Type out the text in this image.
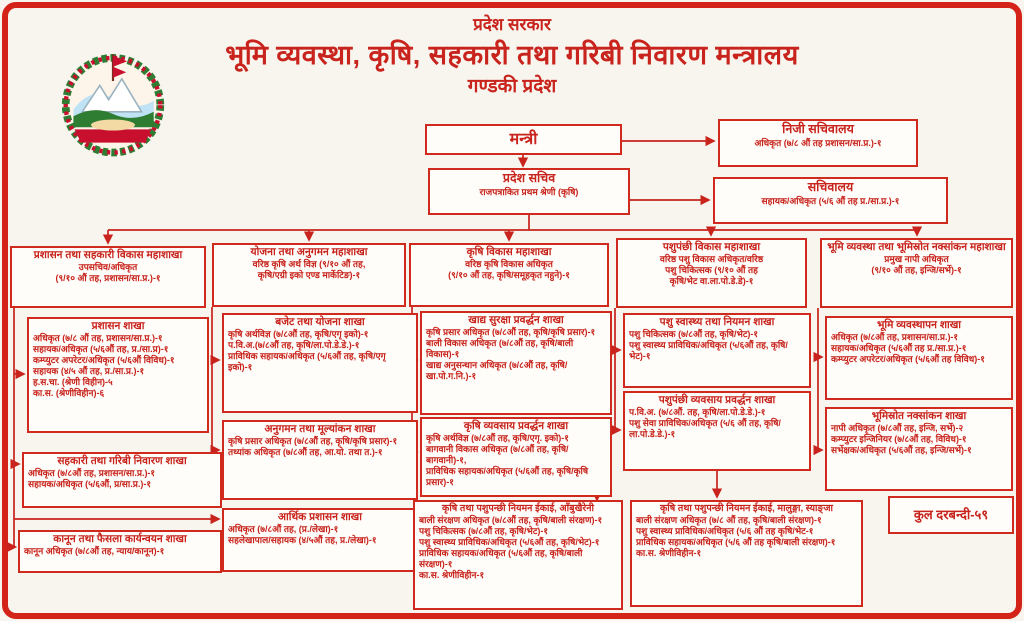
प्रदेश सरकार
भूमि व्यवस्था, कृषि, सहकारी तथा गरिबी निवारण मन्त्रालय
गण्डकी प्रदेश
मन्त्री
निजी सचिवालय
अधिकृत (७/८ औं तह प्रशासन/सा.प्र.)-१
प्रदेश सचिव
राजपत्राकित प्रथम श्रेणी (कृषि)	सचिवालय
सहायक/अधिकृत (५/६ औं तह प्र./सा.प्र.)-१
प्रशासन तथा सहकारी विकास महाशाखा
उपसचिव/अधिकृत
(९/१० औं तह, प्रशासन/सा.प्र.)-१
योजना तथा अनुगमन महाशाखा
वरिष्ठ कृषि अर्थ विज्ञ (९/१० औं तह,
कृषि/एग्री इको एण्ड मार्केटिङ)-१
कृषि विकास महाशाखा
वरिष्ठ कृषि विकास अधिकृत
(९/१० औं तह, कृषि/समूहकृत नहुने)-१
पशुपंछी विकास महाशाखा
वरिष्ठ पशु विकास अधिकृत/वरिष्ठ
पशु चिकित्सक (९/१० औं तह
कृषि/भेट वा.ला.पो.डे.डे)-१
भूमि व्यवस्था तथा भूमिस्रोत नक्सांकन महाशाखा
प्रमुख नापी अधिकृत
(९/१० औं तह, इन्जि/सर्भे)-१
प्रशासन शाखा
अधिकृत (७/८ औं तह, प्रशासन/सा.प्र.)-१
सहायक/अधिकृत (५/६औं तह, प्र./सा.प्र)-१
कम्प्युटर अपरेटर/अधिकृत (५/६औं विविध)-१
सहायक (४/५ औं तह, प्र./सा.प्र.)-१
ह.स.चा. (श्रेणी विहीन)-५
का.स. (श्रेणीविहीन)-६
सहकारी तथा गरिबी निवारण शाखा
अधिकृत (७/८औं तह, प्रशासन/सा.प्र.)-१
सहायक/अधिकृत (५/६औं, प्र/सा.प्र.)-१
कानून तथा फैसला कार्यन्वयन शाखा
कानून अधिकृत (७/८औं तह, न्याय/कानून)-१
बजेट तथा योजना शाखा
कृषि अर्थविज्ञ (७/८औं तह, कृषि/एगृ इको)-१
प.वि.अ.(७/८औं तह, कृषि/ला.पो.डे.डे.)-१
प्राविधिक सहायक/अधिकृत (५/६औं तह, कृषि/एगृ इको)-१
अनुगमन तथा मूल्यांकन शाखा
कृषि प्रसार अधिकृत (७/८औं तह, कृषि/कृषि प्रसार)-१
तथ्यांक अधिकृत (७/८औं तह, आ.यो. तथा त.)-१
आर्थिक प्रशासन शाखा
अधिकृत (७/८औं तह, (प्र./लेखा)-१
सहलेखापाल/सहायक (४/५औं तह, प्र./लेखा)-१
खाद्य सुरक्षा प्रवर्द्धन शाखा
कृषि प्रसार अधिकृत (७/८औं तह, कृषि/कृषि प्रसार)-१
बाली विकास अधिकृत (७/८औं तह, कृषि/बाली विकास)-१
खाद्य अनुसन्धान अधिकृत (७/८औं तह, कृषि/खा.पो.ग.नि.)-१
कृषि व्यवसाय प्रवर्द्धन शाखा
कृषि अर्थविज्ञ (७/८औं तह, कृषि/एगृ. इको)-१
बागवानी विकास अधिकृत (७/८औं तह, कृषि/बागवानी)-१,
प्राविधिक सहायक/अधिकृत (५/६औं तह, कृषि/कृषि प्रसार)-१
कृषि तथा पशुपन्छी नियमन ईकाई, आँबुखैरेनी
बाली संरक्षण अधिकृत (७/८औं तह, कृषि/बाली संरक्षण)-१
पशु चिकित्सक (७/८औं तह, कृषि/भेट)-१
पशु स्वास्थ्य प्राविधिक/अधिकृत (५/६औं तह, कृषि/भेट)-१
प्राविधिक सहायक/अधिकृत (५/६औं तह, कृषि/बाली संरक्षण)-१
का.स. श्रेणीविहीन-१
पशु स्वास्थ्य तथा नियमन शाखा
पशु चिकित्सक (७/८औं तह, कृषि/भेट)-१
पशु स्वास्थ्य प्राविधिक/अधिकृत (५/६औं तह, कृषि/भेट)-१
पशुपंछी व्यवसाय प्रवर्द्धन शाखा
प.वि.अ. (७/८औं. तह, कृषि/ला.पो.डे.डे.)-१
पशु सेवा प्राविधिक/अधिकृत (५/६ औं तह, कृषि/ला.पो.डे.डे.)-१
कृषि तथा पशुपन्छी नियमन ईकाई, मालुङ्गा, स्याङ्जा
बाली संरक्षण अधिकृत (७/८ औं तह, कृषि/बाली संरक्षण)-१
पशु स्वास्थ्य प्राविधिक/अधिकृत (५/६ औं तह कृषि/भेट-१
प्राविधिक सहायक/अधिकृत (५/६ औं तह कृषि/बाली संरक्षण)-१
का.स. श्रेणीविहीन-१
भूमि व्यवस्थापन शाखा
अधिकृत (७/८औं तह, प्रशासन/सा.प्र.)-१
सहायक/अधिकृत (५/६औं तह प्र./सा.प्र.)-१
कम्प्युटर अपरेटर/अधिकृत (५/६औं तह विविध)-१
भूमिस्रोत नक्सांकन शाखा
नापी अधिकृत (७/८औं तह, इन्जि, सर्भे)-२
कम्प्युटर इन्जिनियर (७/८औं तह, विविध)-१
सर्भेक्षक/अधिकृत (५/६औं तह, इन्जि/सर्भे)-१
कुल दरबन्दी-५९
